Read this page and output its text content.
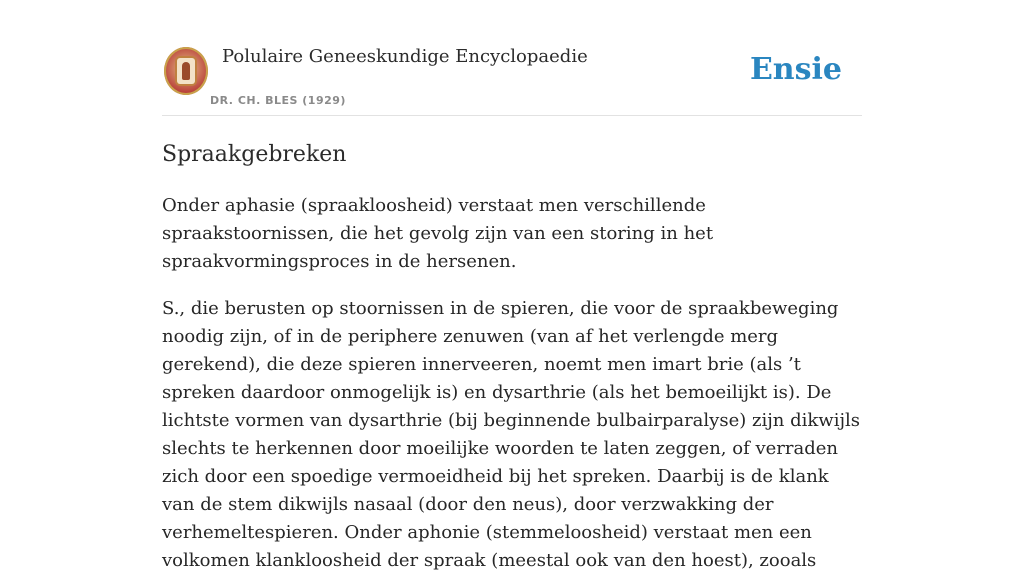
Polulaire Geneeskundige Encyclopaedie
DR. CH. BLES (1929)
Ensie
Spraakgebreken

Onder aphasie (spraakloosheid) verstaat men verschillende spraakstoornissen, die het gevolg zijn van een storing in het spraakvormingsproces in de hersenen.

S., die berusten op stoornissen in de spieren, die voor de spraakbeweging noodig zijn, of in de periphere zenuwen (van af het verlengde merg gerekend), die deze spieren innerveeren, noemt men imart brie (als ’t spreken daardoor onmogelijk is) en dysarthrie (als het bemoeilijkt is). De lichtste vormen van dysarthrie (bij beginnende bulbairparalyse) zijn dikwijls slechts te herkennen door moeilijke woorden te laten zeggen, of verraden zich door een spoedige vermoeidheid bij het spreken. Daarbij is de klank van de stem dikwijls nasaal (door den neus), door verzwakking der verhemeltespieren. Onder aphonie (stemmeloosheid) verstaat men een volkomen klankloosheid der spraak (meestal ook van den hoest), zooals
